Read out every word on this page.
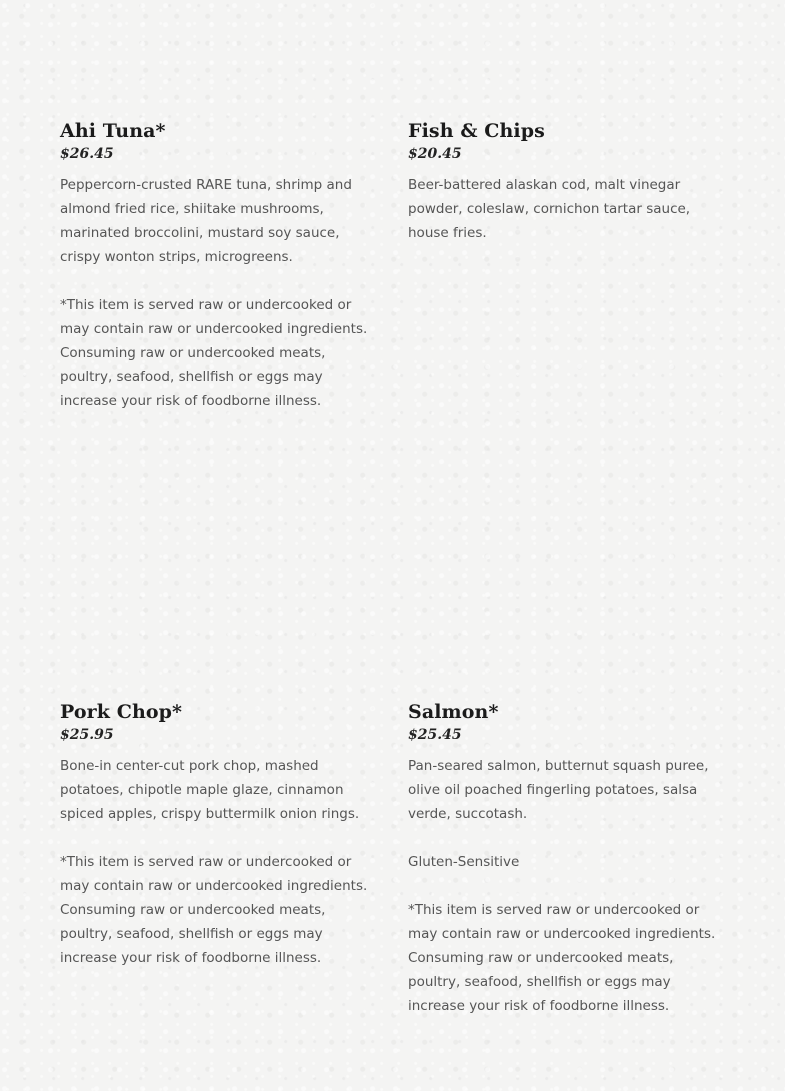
Ahi Tuna*
$26.45
Peppercorn-crusted RARE tuna, shrimp and almond fried rice, shiitake mushrooms, marinated broccolini, mustard soy sauce, crispy wonton strips, microgreens.
*This item is served raw or undercooked or may contain raw or undercooked ingredients. Consuming raw or undercooked meats, poultry, seafood, shellfish or eggs may increase your risk of foodborne illness.
Fish & Chips
$20.45
Beer-battered alaskan cod, malt vinegar powder, coleslaw, cornichon tartar sauce, house fries.
Pork Chop*
$25.95
Bone-in center-cut pork chop, mashed potatoes, chipotle maple glaze, cinnamon spiced apples, crispy buttermilk onion rings.
*This item is served raw or undercooked or may contain raw or undercooked ingredients. Consuming raw or undercooked meats, poultry, seafood, shellfish or eggs may increase your risk of foodborne illness.
Salmon*
$25.45
Pan-seared salmon, butternut squash puree, olive oil poached fingerling potatoes, salsa verde, succotash.
Gluten-Sensitive
*This item is served raw or undercooked or may contain raw or undercooked ingredients. Consuming raw or undercooked meats, poultry, seafood, shellfish or eggs may increase your risk of foodborne illness.
